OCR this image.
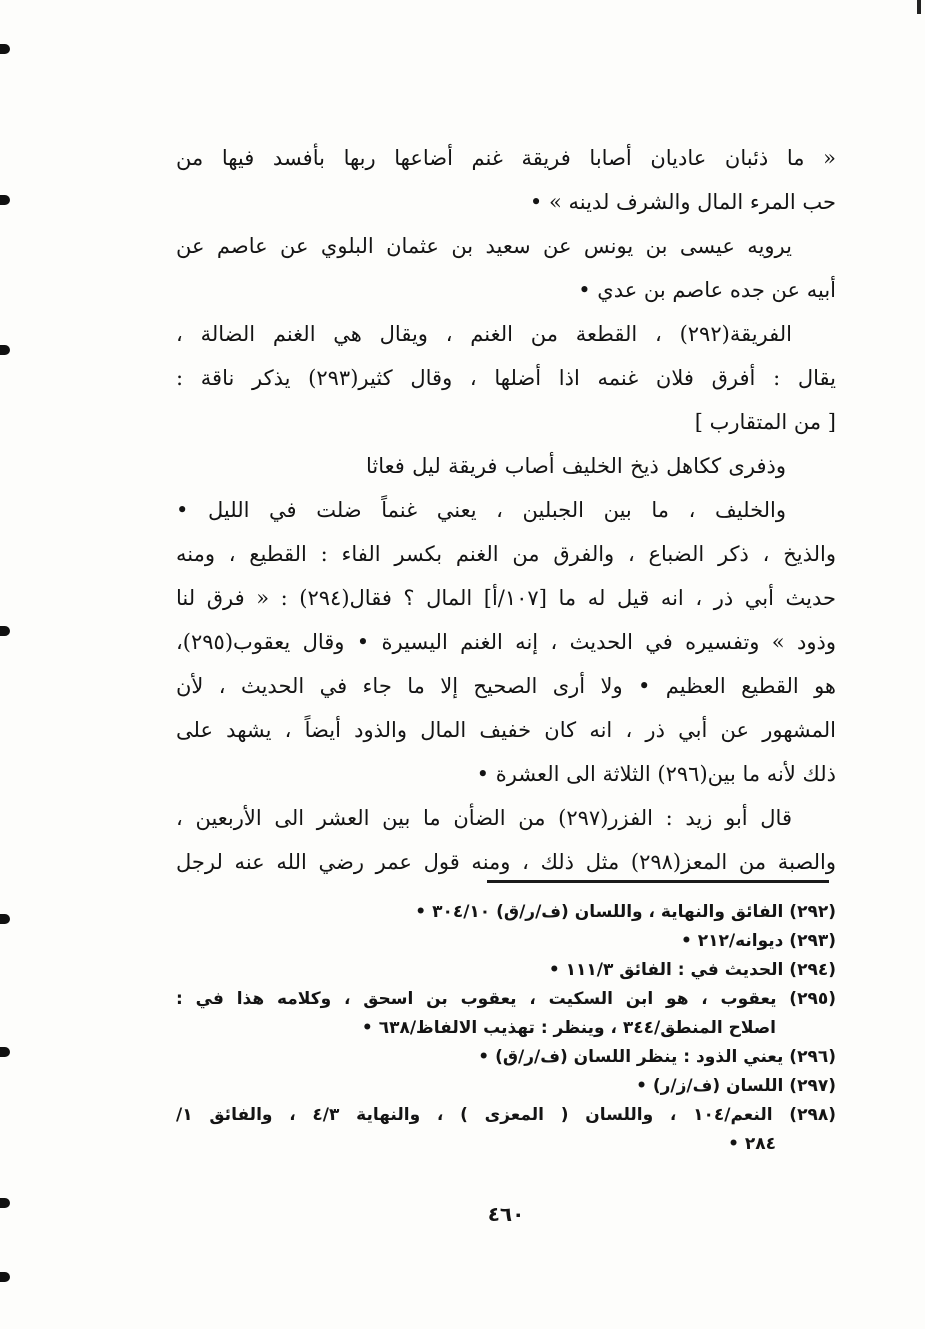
« ما ذئبان عاديان أصابا فريقة غنم أضاعها ربها بأفسد فيها من
حب المرء المال والشرف لدينه » •
يرويه عيسى بن يونس عن سعيد بن عثمان البلوي عن عاصم عن
أبيه عن جده عاصم بن عدي •
الفريقة(٢٩٢) ، القطعة من الغنم ، ويقال هي الغنم الضالة ،
يقال : أفرق فلان غنمه اذا أضلها ، وقال كثير(٢٩٣) يذكر ناقة :
[ من المتقارب ]
وذفرى ككاهل ذيخ الخليف أصاب فريقة ليل فعاثا
والخليف ، ما بين الجبلين ، يعني غنماً ضلت في الليل •
والذيخ ، ذكر الضباع ، والفرق من الغنم بكسر الفاء : القطيع ، ومنه
حديث أبي ذر ، انه قيل له ما [١٠٧/أ] المال ؟ فقال(٢٩٤) : « فرق لنا
وذود » وتفسيره في الحديث ، إنه الغنم اليسيرة • وقال يعقوب(٢٩٥)،
هو القطيع العظيم • ولا أرى الصحيح إلا ما جاء في الحديث ، لأن
المشهور عن أبي ذر ، انه كان خفيف المال والذود أيضاً ، يشهد على
ذلك لأنه ما بين(٢٩٦) الثلاثة الى العشرة •
قال أبو زيد : الفزر(٢٩٧) من الضأن ما بين العشر الى الأربعين ،
والصبة من المعز(٢٩٨) مثل ذلك ، ومنه قول عمر رضي الله عنه لرجل
(٢٩٢) الفائق والنهاية ، واللسان (ف/ر/ق) ٣٠٤/١٠ •
(٢٩٣) ديوانه/٢١٢ •
(٢٩٤) الحديث في : الفائق ١١١/٣ •
(٢٩٥) يعقوب ، هو ابن السكيت ، يعقوب بن اسحق ، وكلامه هذا في :
اصلاح المنطق/٣٤٤ ، وينظر : تهذيب الالفاظ/٦٣٨ •
(٢٩٦) يعني الذود : ينظر اللسان (ف/ر/ق) •
(٢٩٧) اللسان (ف/ز/ر) •
(٢٩٨) النعم/١٠٤ ، واللسان ( المعزى ) ، والنهاية ٤/٣ ، والفائق ١/
٢٨٤ •
٤٦٠
